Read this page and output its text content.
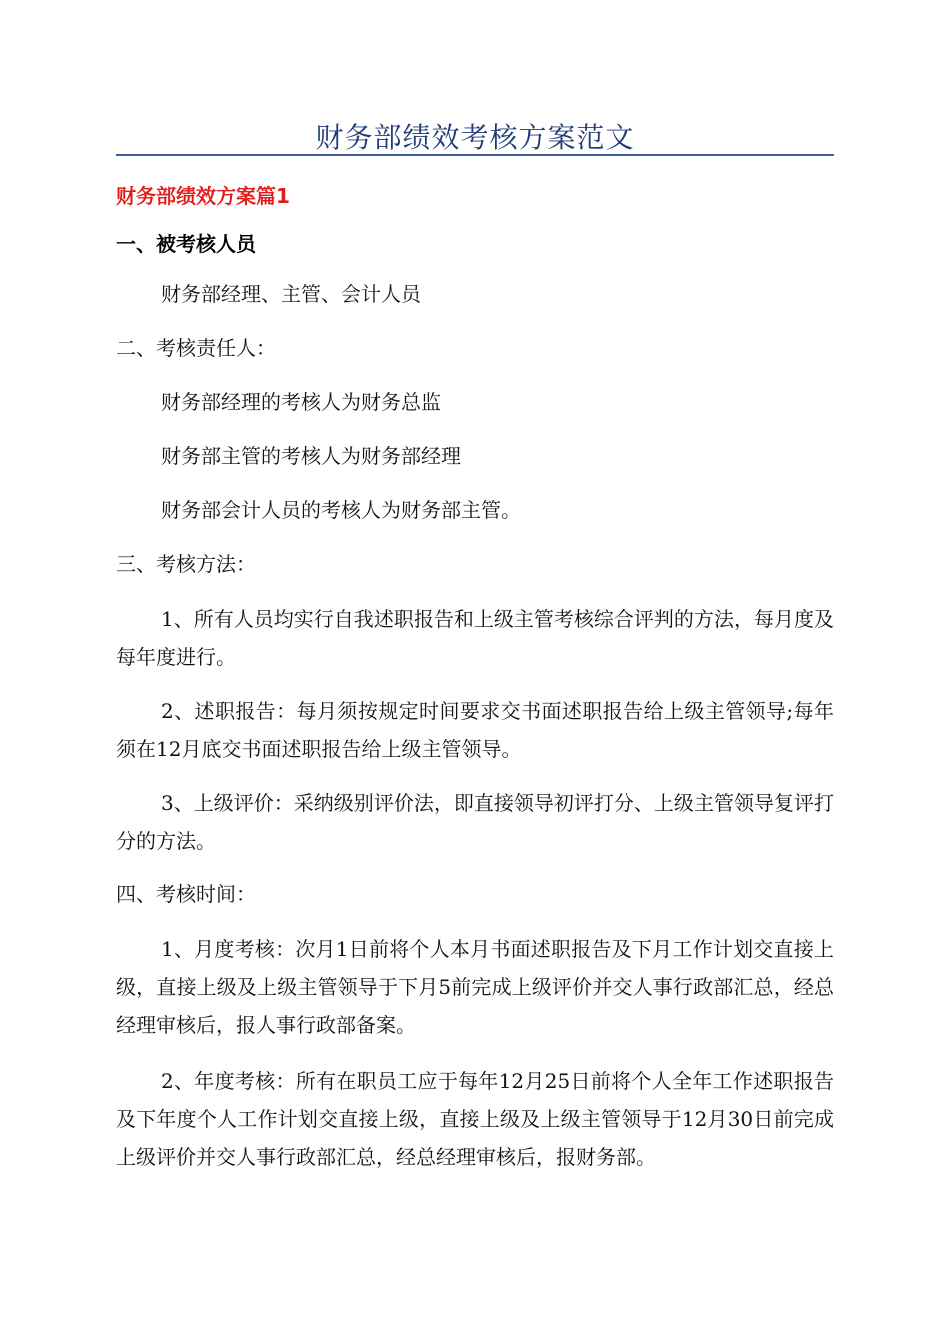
财务部绩效考核方案范文
财务部绩效方案篇1
一、被考核人员

财务部经理、主管、会计人员

二、考核责任人：

财务部经理的考核人为财务总监

财务部主管的考核人为财务部经理

财务部会计人员的考核人为财务部主管。

三、考核方法：

1、所有人员均实行自我述职报告和上级主管考核综合评判的方法，每月度及每年度进行。

2、述职报告：每月须按规定时间要求交书面述职报告给上级主管领导;每年须在12月底交书面述职报告给上级主管领导。

3、上级评价：采纳级别评价法，即直接领导初评打分、上级主管领导复评打分的方法。

四、考核时间：

1、月度考核：次月1日前将个人本月书面述职报告及下月工作计划交直接上级，直接上级及上级主管领导于下月5前完成上级评价并交人事行政部汇总，经总经理审核后，报人事行政部备案。

2、年度考核：所有在职员工应于每年12月25日前将个人全年工作述职报告及下年度个人工作计划交直接上级，直接上级及上级主管领导于12月30日前完成上级评价并交人事行政部汇总，经总经理审核后，报财务部。
